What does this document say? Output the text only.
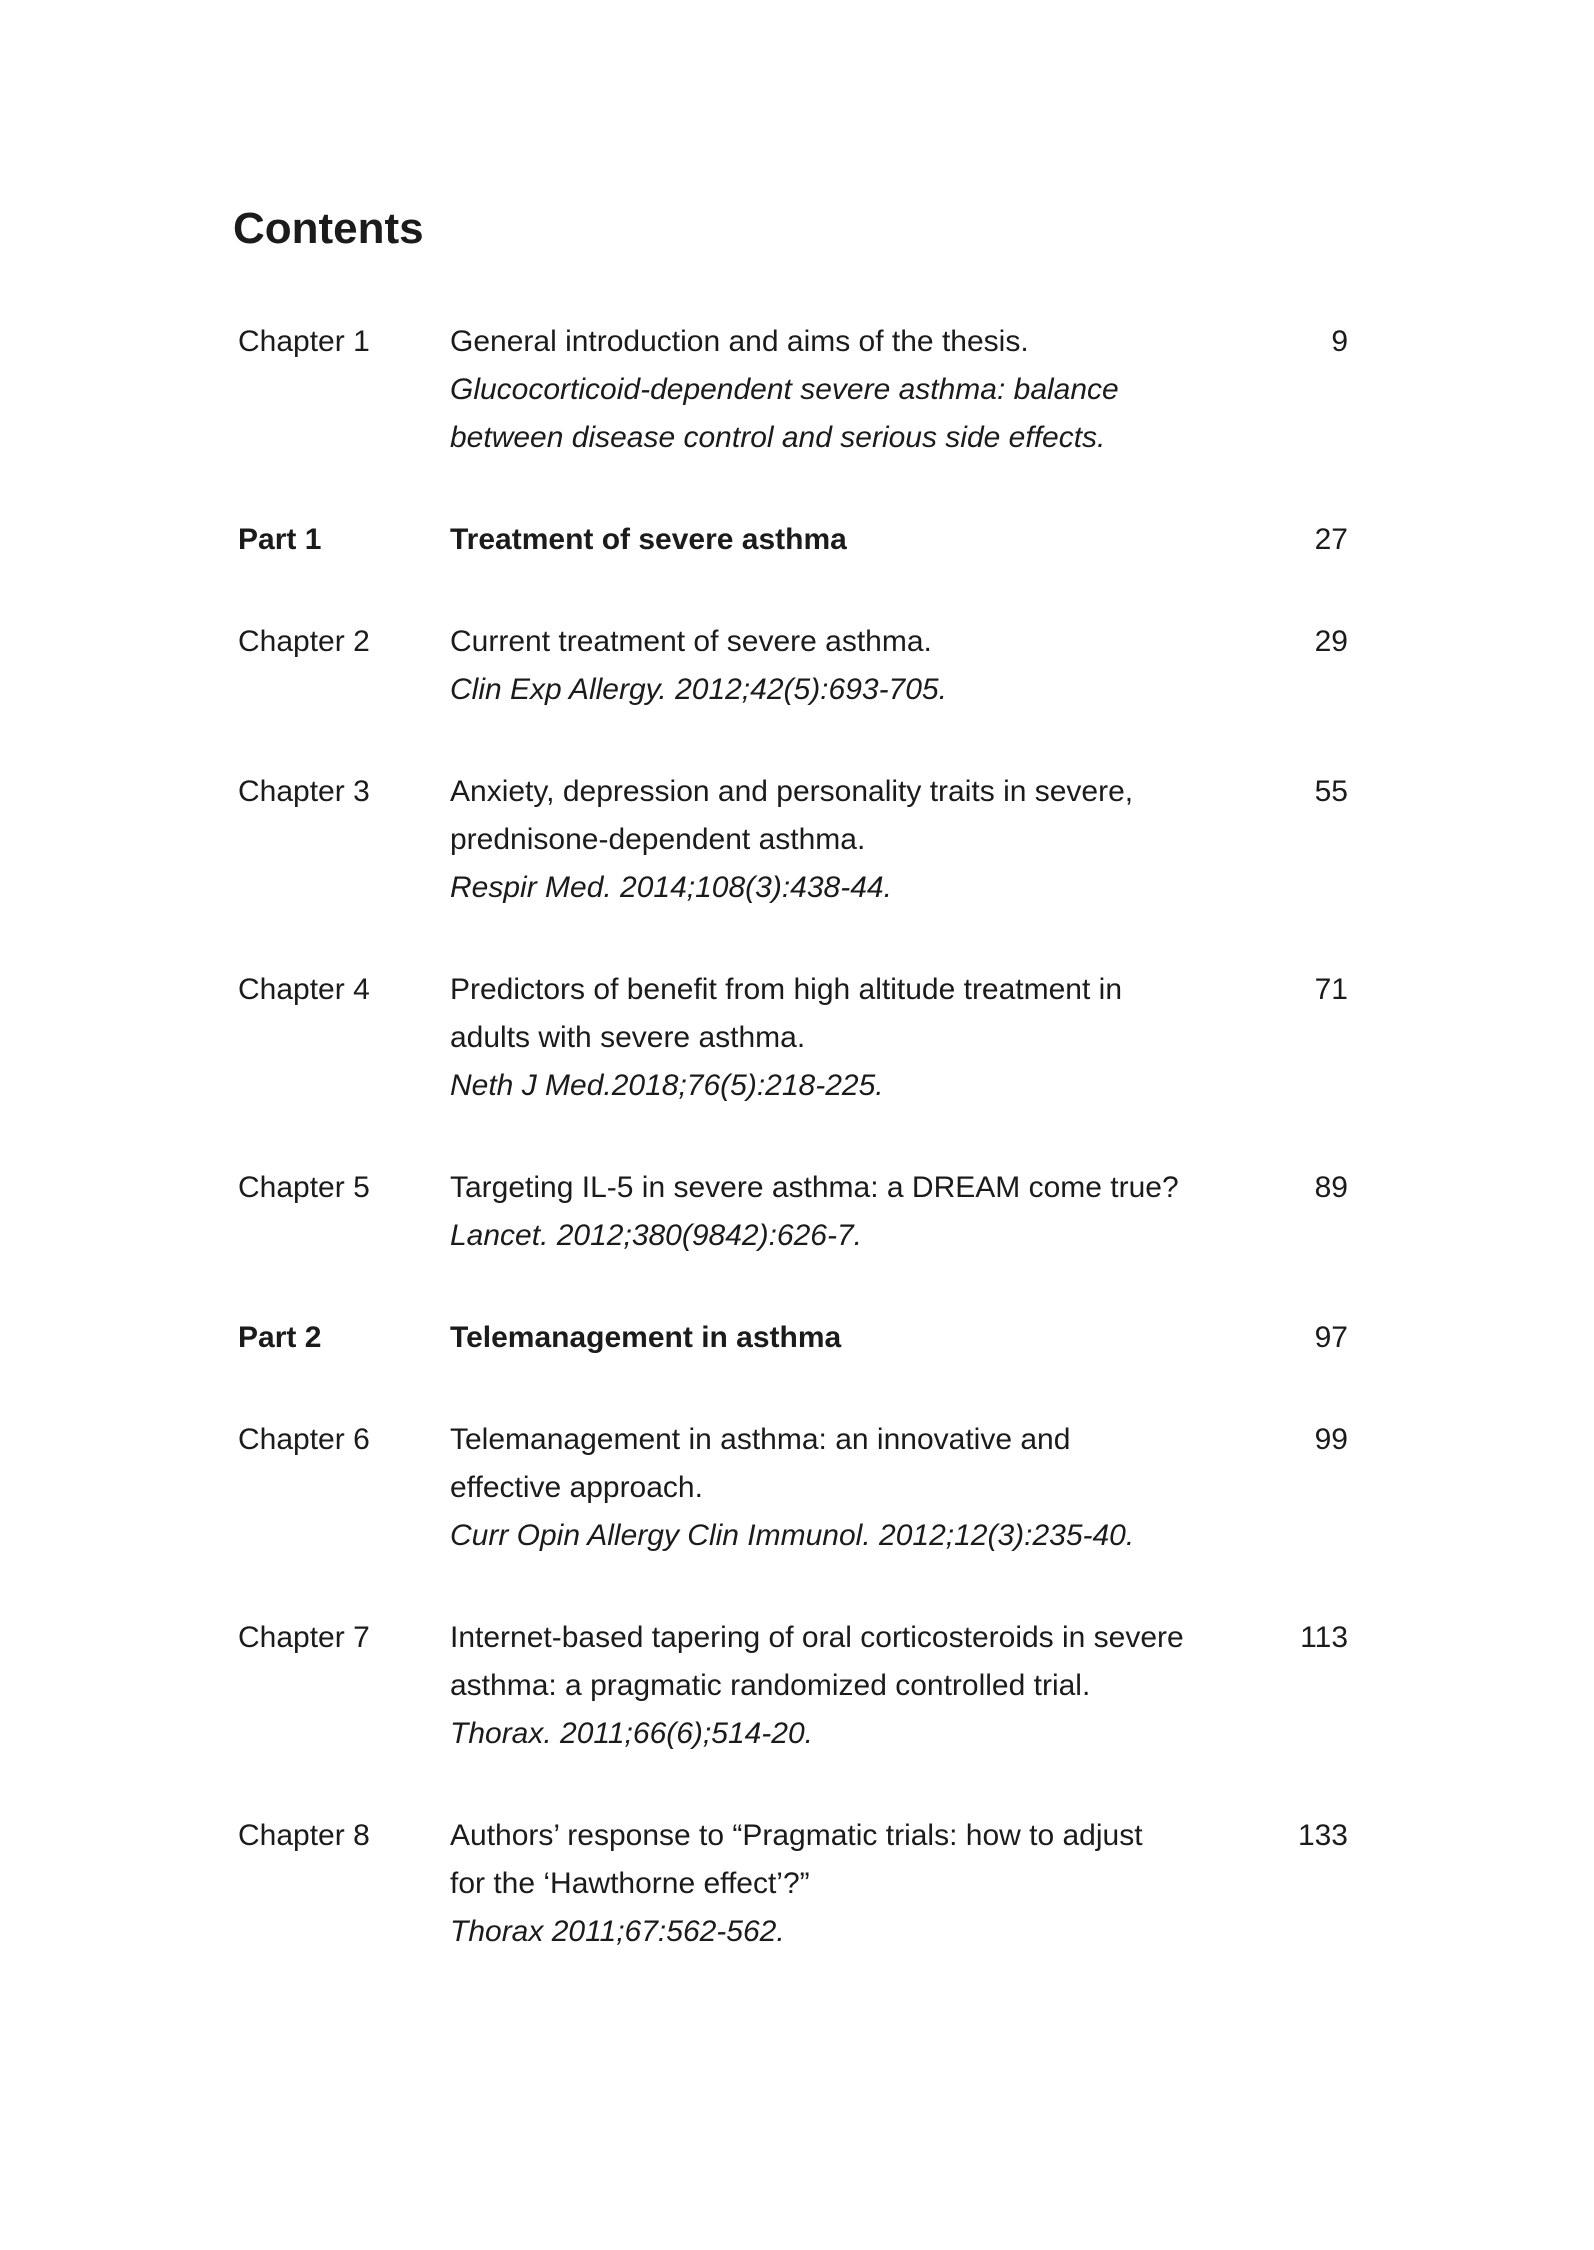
Contents
Chapter 1	General introduction and aims of the thesis.
Glucocorticoid-dependent severe asthma: balance
between disease control and serious side effects.
9
Part 1	Treatment of severe asthma	27
Chapter 2	Current treatment of severe asthma.
Clin Exp Allergy. 2012;42(5):693-705.
29
Chapter 3	Anxiety, depression and personality traits in severe,
prednisone-dependent asthma.
Respir Med. 2014;108(3):438-44.
55
Chapter 4	Predictors of benefit from high altitude treatment in
adults with severe asthma.
Neth J Med.2018;76(5):218-225.
71
Chapter 5	Targeting IL-5 in severe asthma: a DREAM come true?
Lancet. 2012;380(9842):626-7.
89
Part 2	Telemanagement in asthma	97
Chapter 6	Telemanagement in asthma: an innovative and
effective approach.
Curr Opin Allergy Clin Immunol. 2012;12(3):235-40.
99
Chapter 7	Internet-based tapering of oral corticosteroids in severe
asthma: a pragmatic randomized controlled trial.
Thorax. 2011;66(6);514-20.
113
Chapter 8	Authors’ response to “Pragmatic trials: how to adjust
for the ‘Hawthorne effect’?”
Thorax 2011;67:562-562.
133
